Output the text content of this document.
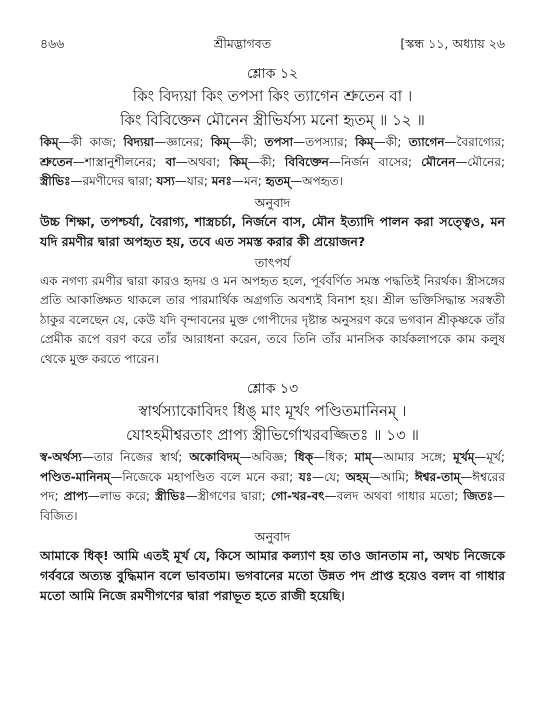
৪৬৬	শ্রীমদ্ভাগবত	[স্কন্ধ ১১, অধ্যায় ২৬
শ্লোক ১২
কিং বিদ্যয়া কিং তপসা কিং ত্যাগেন শ্রুতেন বা ।
কিং বিবিক্তেন মৌনেন স্ত্রীভির্যস্য মনো হৃতম্ ॥ ১২ ॥
কিম্—কী কাজ; বিদ্যয়া—জ্ঞানের; কিম্—কী; তপসা—তপস্যার; কিম্—কী; ত্যাগেন—বৈরাগ্যের; শ্রুতেন—শাস্ত্রানুশীলনের; বা—অথবা; কিম্—কী; বিবিক্তেন—নির্জন বাসের; মৌনেন—মৌনের; স্ত্রীভিঃ—রমণীদের দ্বারা; যস্য—যার; মনঃ—মন; হৃতম্—অপহৃত।
অনুবাদ
উচ্চ শিক্ষা, তপশ্চর্যা, বৈরাগ্য, শাস্ত্রচর্চা, নির্জনে বাস, মৌন ইত্যাদি পালন করা সত্ত্বেও, মন যদি রমণীর দ্বারা অপহৃত হয়, তবে এত সমস্ত করার কী প্রয়োজন?
তাৎপর্য
এক নগণ্য রমণীর দ্বারা কারও হৃদয় ও মন অপহৃত হলে, পূর্ববর্ণিত সমস্ত পদ্ধতিই নিরর্থক। স্ত্রীসঙ্গের প্রতি আকাঙ্ক্ষিত থাকলে তার পারমার্থিক অগ্রগতি অবশ্যই বিনাশ হয়। শ্রীল ভক্তিসিদ্ধান্ত সরস্বতী ঠাকুর বলেছেন যে, কেউ যদি বৃন্দাবনের মুক্ত গোপীদের দৃষ্টান্ত অনুসরণ করে ভগবান শ্রীকৃষ্ণকে তাঁর প্রেমীক রূপে বরণ করে তাঁর আরাধনা করেন, তবে তিনি তাঁর মানসিক কার্যকলাপকে কাম কলুষ থেকে মুক্ত করতে পারেন।
শ্লোক ১৩
স্বার্থস্যাকোবিদং ধিঙ্ মাং মূর্খং পণ্ডিতমানিনম্ ।
যোঽহমীশ্বরতাং প্রাপ্য স্ত্রীভির্গোখরবজ্জিতঃ ॥ ১৩ ॥
স্ব-অর্থস্য—তার নিজের স্বার্থ; অকোবিদম্—অবিজ্ঞ; ধিক্—ধিক; মাম্—আমার সঙ্গে; মূর্খম্—মূর্খ; পণ্ডিত-মানিনম্—নিজেকে মহাপণ্ডিত বলে মনে করা; যঃ—যে; অহম্—আমি; ঈশ্বর-তাম্—ঈশ্বরের পদ; প্রাপ্য—লাভ করে; স্ত্রীভিঃ—স্ত্রীগণের দ্বারা; গো-খর-বৎ—বলদ অথবা গাধার মতো; জিতঃ—বিজিত।
অনুবাদ
আমাকে ধিক্! আমি এতই মূর্খ যে, কিসে আমার কল্যাণ হয় তাও জানতাম না, অথচ নিজেকে গর্ববরে অত্যন্ত বুদ্ধিমান বলে ভাবতাম। ভগবানের মতো উন্নত পদ প্রাপ্ত হয়েও বলদ বা গাধার মতো আমি নিজে রমণীগণের দ্বারা পরাভূত হতে রাজী হয়েছি।
